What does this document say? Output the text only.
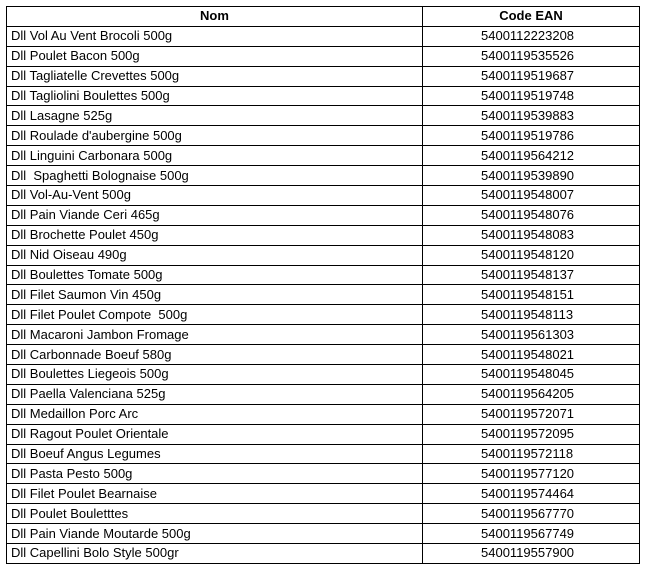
Nom	Code EAN
Dll Vol Au Vent Brocoli 500g	5400112223208
Dll Poulet Bacon 500g	5400119535526
Dll Tagliatelle Crevettes 500g	5400119519687
Dll Tagliolini Boulettes 500g	5400119519748
Dll Lasagne 525g	5400119539883
Dll Roulade d'aubergine 500g	5400119519786
Dll Linguini Carbonara 500g	5400119564212
Dll  Spaghetti Bolognaise 500g	5400119539890
Dll Vol-Au-Vent 500g	5400119548007
Dll Pain Viande Ceri 465g	5400119548076
Dll Brochette Poulet 450g	5400119548083
Dll Nid Oiseau 490g	5400119548120
Dll Boulettes Tomate 500g	5400119548137
Dll Filet Saumon Vin 450g	5400119548151
Dll Filet Poulet Compote  500g	5400119548113
Dll Macaroni Jambon Fromage	5400119561303
Dll Carbonnade Boeuf 580g	5400119548021
Dll Boulettes Liegeois 500g	5400119548045
Dll Paella Valenciana 525g	5400119564205
Dll Medaillon Porc Arc	5400119572071
Dll Ragout Poulet Orientale	5400119572095
Dll Boeuf Angus Legumes	5400119572118
Dll Pasta Pesto 500g	5400119577120
Dll Filet Poulet Bearnaise	5400119574464
Dll Poulet Bouletttes	5400119567770
Dll Pain Viande Moutarde 500g	5400119567749
Dll Capellini Bolo Style 500gr	5400119557900
